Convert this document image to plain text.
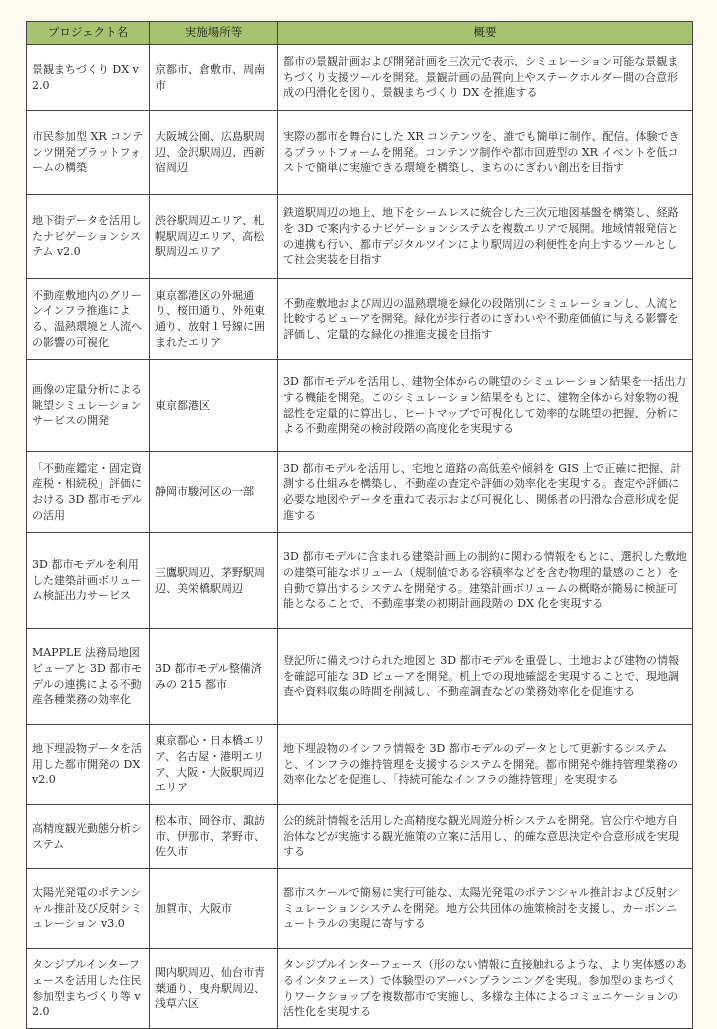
プロジェクト名	実施場所等	概要
景観まちづくり DX v2.0	京都市、倉敷市、周南市	都市の景観計画および開発計画を三次元で表示、シミュレーション可能な景観まちづくり支援ツールを開発。景観計画の品質向上やステークホルダー間の合意形成の円滑化を図り、景観まちづくり DX を推進する
市民参加型 XR コンテンツ開発プラットフォームの構築	大阪城公園、広島駅周辺、金沢駅周辺、西新宿周辺	実際の都市を舞台にした XR コンテンツを、誰でも簡単に制作、配信、体験できるプラットフォームを開発。コンテンツ制作や都市回遊型の XR イベントを低コストで簡単に実施できる環境を構築し、まちのにぎわい創出を目指す
地下街データを活用したナビゲーションシステム v2.0	渋谷駅周辺エリア、札幌駅周辺エリア、高松駅周辺エリア	鉄道駅周辺の地上、地下をシームレスに統合した三次元地図基盤を構築し、経路を 3D で案内するナビゲーションシステムを複数エリアで展開。地域情報発信との連携も行い、都市デジタルツインにより駅周辺の利便性を向上するツールとして社会実装を目指す
不動産敷地内のグリーンインフラ推進による、温熱環境と人流への影響の可視化	東京都港区の外堀通り、桜田通り、外苑東通り、放射１号線に囲まれたエリア	不動産敷地および周辺の温熱環境を緑化の段階別にシミュレーションし、人流と比較するビューアを開発。緑化が歩行者のにぎわいや不動産価値に与える影響を評価し、定量的な緑化の推進支援を目指す
画像の定量分析による眺望シミュレーションサービスの開発	東京都港区	3D 都市モデルを活用し、建物全体からの眺望のシミュレーション結果を一括出力する機能を開発。このシミュレーション結果をもとに、建物全体から対象物の視認性を定量的に算出し、ヒートマップで可視化して効率的な眺望の把握、分析による不動産開発の検討段階の高度化を実現する
「不動産鑑定・固定資産税・相続税」評価における 3D 都市モデルの活用	静岡市駿河区の一部	3D 都市モデルを活用し、宅地と道路の高低差や傾斜を GIS 上で正確に把握、計測する仕組みを構築し、不動産の査定や評価の効率化を実現する。査定や評価に必要な地図やデータを重ねて表示および可視化し、関係者の円滑な合意形成を促進する
3D 都市モデルを利用した建築計画ボリューム検証出力サービス	三鷹駅周辺、茅野駅周辺、美栄橋駅周辺	3D 都市モデルに含まれる建築計画上の制約に関わる情報をもとに、選択した敷地の建築可能なボリューム（規制値である容積率などを含む物理的量感のこと）を自動で算出するシステムを開発する。建築計画ボリュームの概略が簡易に検証可能となることで、不動産事業の初期計画段階の DX 化を実現する
MAPPLE 法務局地図ビューアと 3D 都市モデルの連携による不動産各種業務の効率化	3D 都市モデル整備済みの 215 都市	登記所に備えつけられた地図と 3D 都市モデルを重畳し、土地および建物の情報を確認可能な 3D ビューアを開発。机上での現地確認を実現することで、現地調査や資料収集の時間を削減し、不動産調査などの業務効率化を促進する
地下埋設物データを活用した都市開発の DX v2.0	東京都心・日本橋エリア、名古屋・港明エリア、大阪・大阪駅周辺エリア	地下埋設物のインフラ情報を 3D 都市モデルのデータとして更新するシステムと、インフラの維持管理を支援するシステムを開発。都市開発や維持管理業務の効率化などを促進し、「持続可能なインフラの維持管理」を実現する
高精度観光動態分析システム	松本市、岡谷市、諏訪市、伊那市、茅野市、佐久市	公的統計情報を活用した高精度な観光周遊分析システムを開発。官公庁や地方自治体などが実施する観光施策の立案に活用し、的確な意思決定や合意形成を実現する
太陽光発電のポテンシャル推計及び反射シミュレーション v3.0	加賀市、大阪市	都市スケールで簡易に実行可能な、太陽光発電のポテンシャル推計および反射シミュレーションシステムを開発。地方公共団体の施策検討を支援し、カーボンニュートラルの実現に寄与する
タンジブルインターフェースを活用した住民参加型まちづくり等 v2.0	関内駅周辺、仙台市青葉通り、曳舟駅周辺、浅草六区	タンジブルインターフェース（形のない情報に直接触れるような、より実体感のあるインタフェース）で体験型のアーバンプランニングを実現。参加型のまちづくりワークショップを複数都市で実施し、多様な主体によるコミュニケーションの活性化を実現する
